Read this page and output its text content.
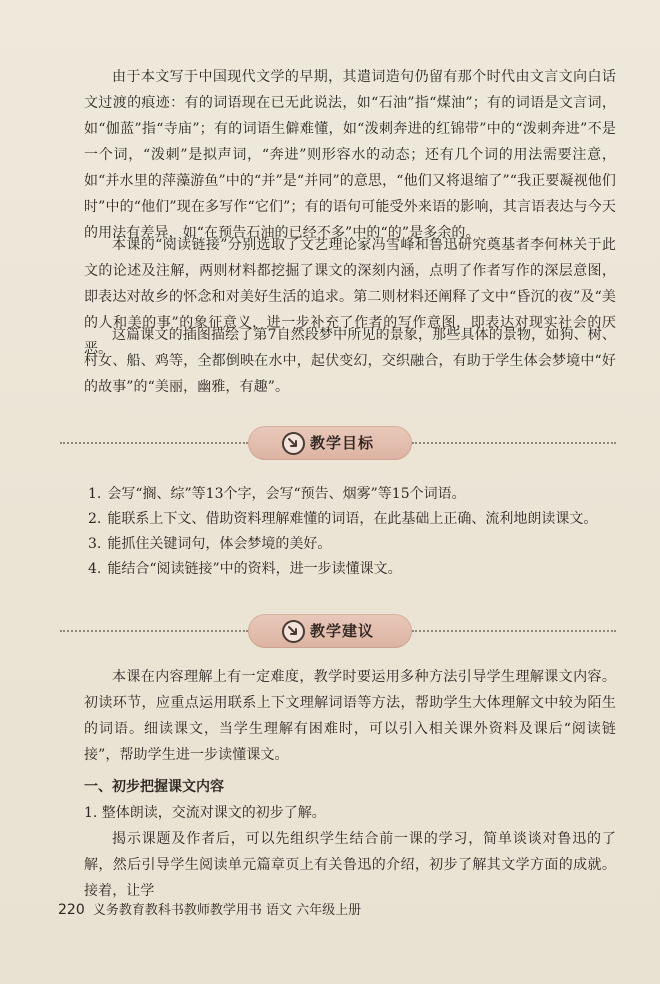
由于本文写于中国现代文学的早期，其遣词造句仍留有那个时代由文言文向白话文过渡的痕迹：有的词语现在已无此说法，如“石油”指“煤油”；有的词语是文言词，如“伽蓝”指“寺庙”；有的词语生僻难懂，如“泼刺奔进的红锦带”中的“泼刺奔进”不是一个词，“泼刺”是拟声词，“奔进”则形容水的动态；还有几个词的用法需要注意，如“并水里的萍藻游鱼”中的“并”是“并同”的意思，“他们又将退缩了”“我正要凝视他们时”中的“他们”现在多写作“它们”；有的语句可能受外来语的影响，其言语表达与今天的用法有差异，如“在预告石油的已经不多”中的“的”是多余的。

本课的“阅读链接”分别选取了文艺理论家冯雪峰和鲁迅研究奠基者李何林关于此文的论述及注解，两则材料都挖掘了课文的深刻内涵，点明了作者写作的深层意图，即表达对故乡的怀念和对美好生活的追求。第二则材料还阐释了文中“昏沉的夜”及“美的人和美的事”的象征意义，进一步补充了作者的写作意图，即表达对现实社会的厌恶。

这篇课文的插图描绘了第7自然段梦中所见的景象，那些具体的景物，如狗、树、村女、船、鸡等，全都倒映在水中，起伏变幻，交织融合，有助于学生体会梦境中“好的故事”的“美丽，幽雅，有趣”。

教学目标
1. 会写“搁、综”等13个字，会写“预告、烟雾”等15个词语。
2. 能联系上下文、借助资料理解难懂的词语，在此基础上正确、流利地朗读课文。
3. 能抓住关键词句，体会梦境的美好。
4. 能结合“阅读链接”中的资料，进一步读懂课文。
教学建议

本课在内容理解上有一定难度，教学时要运用多种方法引导学生理解课文内容。初读环节，应重点运用联系上下文理解词语等方法，帮助学生大体理解文中较为陌生的词语。细读课文，当学生理解有困难时，可以引入相关课外资料及课后“阅读链接”，帮助学生进一步读懂课文。

一、初步把握课文内容
1. 整体朗读，交流对课文的初步了解。

揭示课题及作者后，可以先组织学生结合前一课的学习，简单谈谈对鲁迅的了解，然后引导学生阅读单元篇章页上有关鲁迅的介绍，初步了解其文学方面的成就。接着，让学

220 义务教育教科书教师教学用书 语文 六年级上册
